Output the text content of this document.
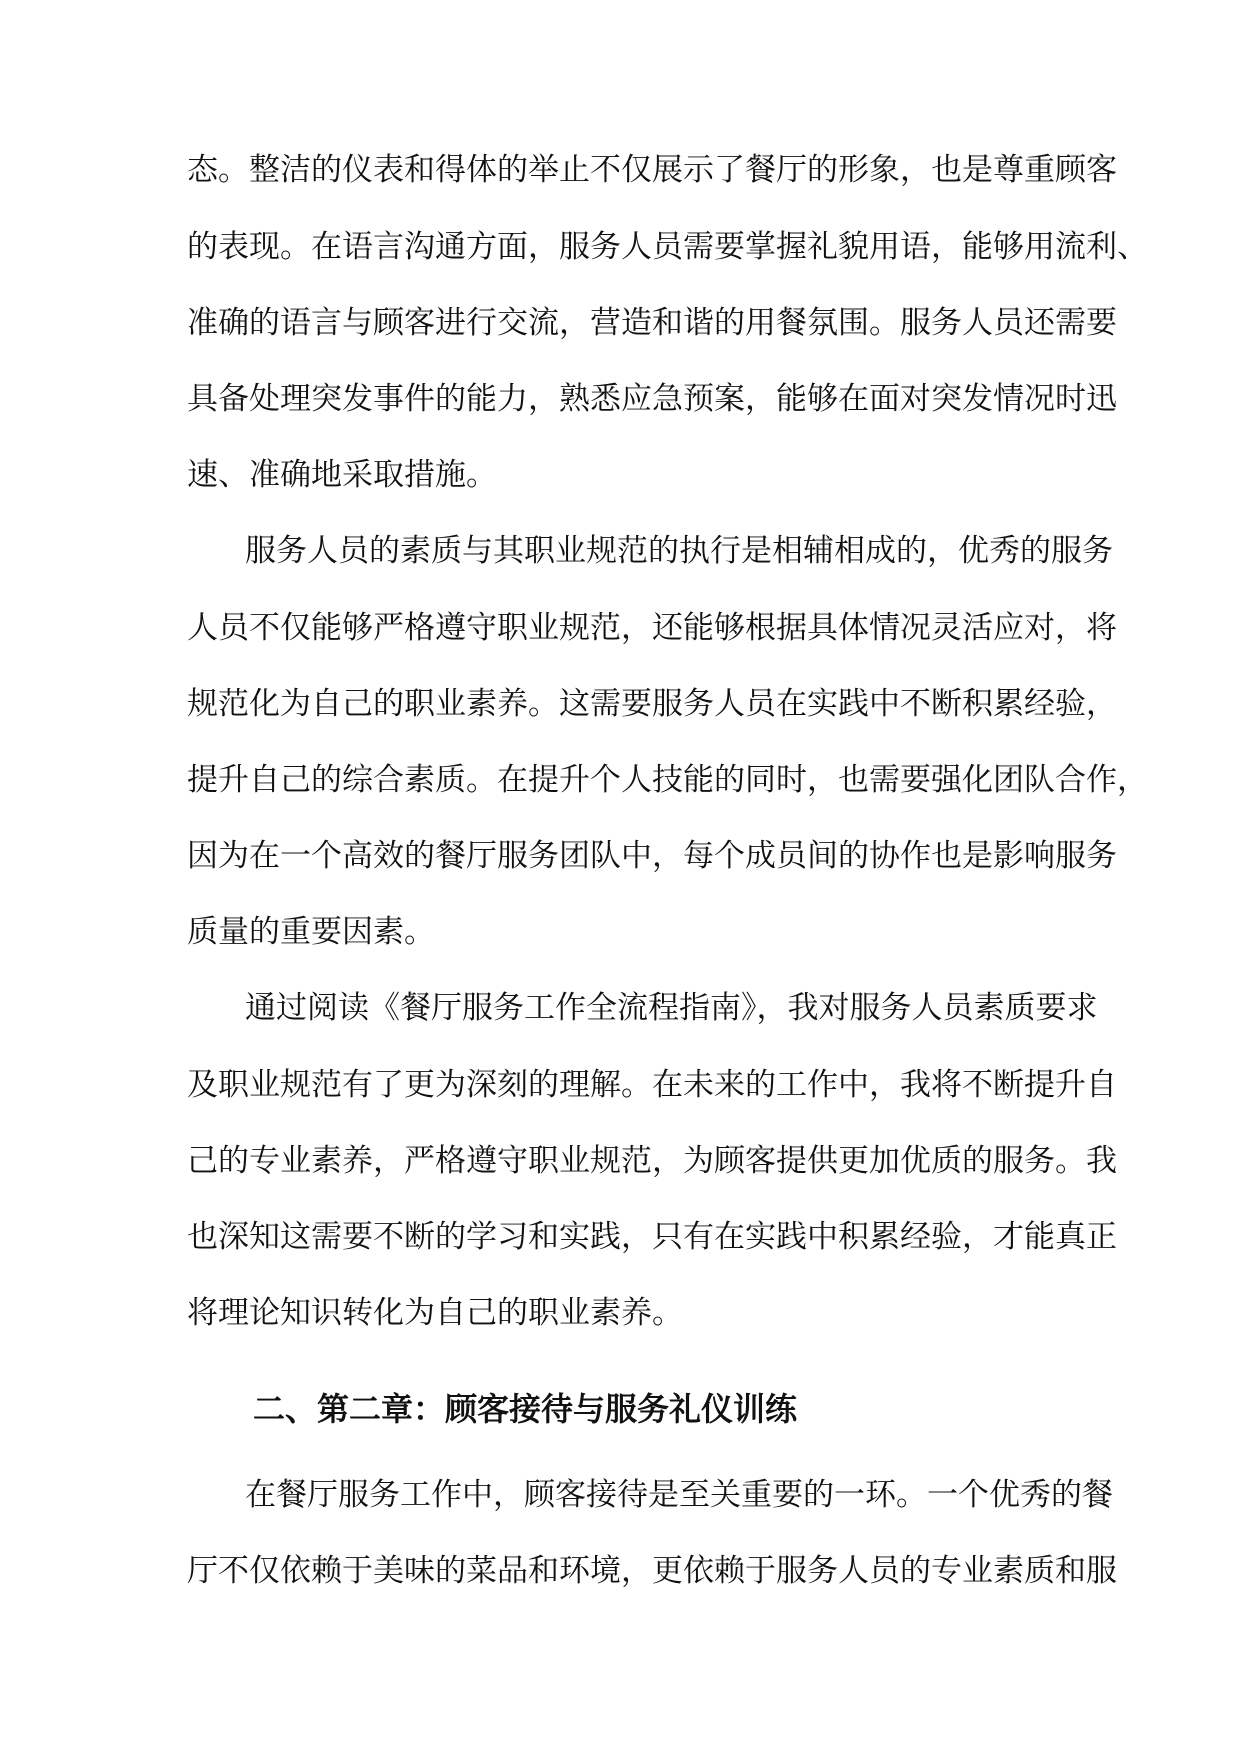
态。整洁的仪表和得体的举止不仅展示了餐厅的形象，也是尊重顾客
的表现。在语言沟通方面，服务人员需要掌握礼貌用语，能够用流利、
准确的语言与顾客进行交流，营造和谐的用餐氛围。服务人员还需要
具备处理突发事件的能力，熟悉应急预案，能够在面对突发情况时迅
速、准确地采取措施。
服务人员的素质与其职业规范的执行是相辅相成的，优秀的服务
人员不仅能够严格遵守职业规范，还能够根据具体情况灵活应对，将
规范化为自己的职业素养。这需要服务人员在实践中不断积累经验，
提升自己的综合素质。在提升个人技能的同时，也需要强化团队合作，
因为在一个高效的餐厅服务团队中，每个成员间的协作也是影响服务
质量的重要因素。
通过阅读《餐厅服务工作全流程指南》，我对服务人员素质要求
及职业规范有了更为深刻的理解。在未来的工作中，我将不断提升自
己的专业素养，严格遵守职业规范，为顾客提供更加优质的服务。我
也深知这需要不断的学习和实践，只有在实践中积累经验，才能真正
将理论知识转化为自己的职业素养。
二、第二章：顾客接待与服务礼仪训练
在餐厅服务工作中，顾客接待是至关重要的一环。一个优秀的餐
厅不仅依赖于美味的菜品和环境，更依赖于服务人员的专业素质和服
